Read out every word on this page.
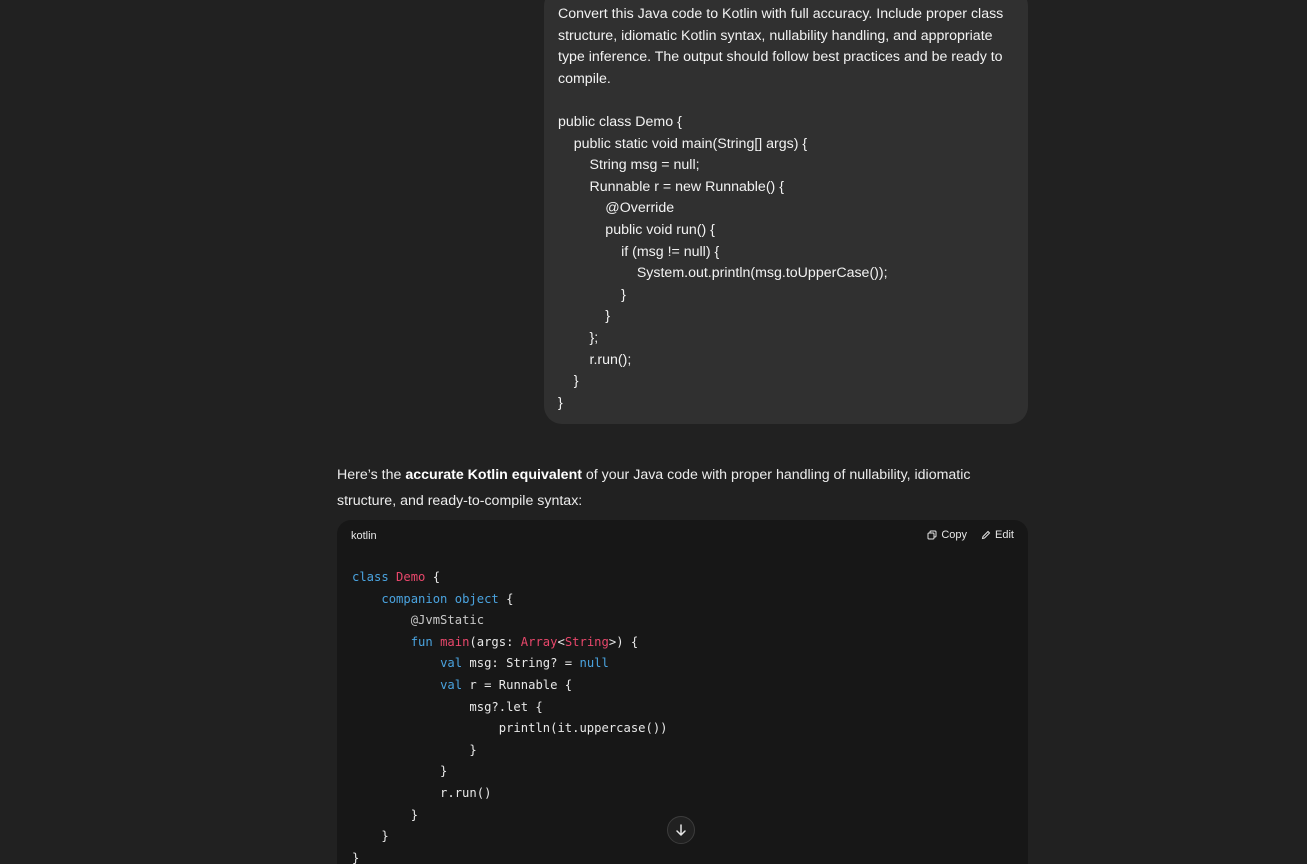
Convert this Java code to Kotlin with full accuracy. Include proper class
structure, idiomatic Kotlin syntax, nullability handling, and appropriate
type inference. The output should follow best practices and be ready to
compile.
public class Demo {
public static void main(String[] args) {
String msg = null;
Runnable r = new Runnable() {
@Override
public void run() {
if (msg != null) {
System.out.println(msg.toUpperCase());
}
}
};
r.run();
}
}
Here’s the accurate Kotlin equivalent of your Java code with proper handling of nullability, idiomatic structure, and ready-to-compile syntax:
kotlin	Copy	Edit
class Demo {
companion object {
@JvmStatic
fun main(args: Array<String>) {
val msg: String? = null
val r = Runnable {
msg?.let {
println(it.uppercase())
}
}
r.run()
}
}
}
